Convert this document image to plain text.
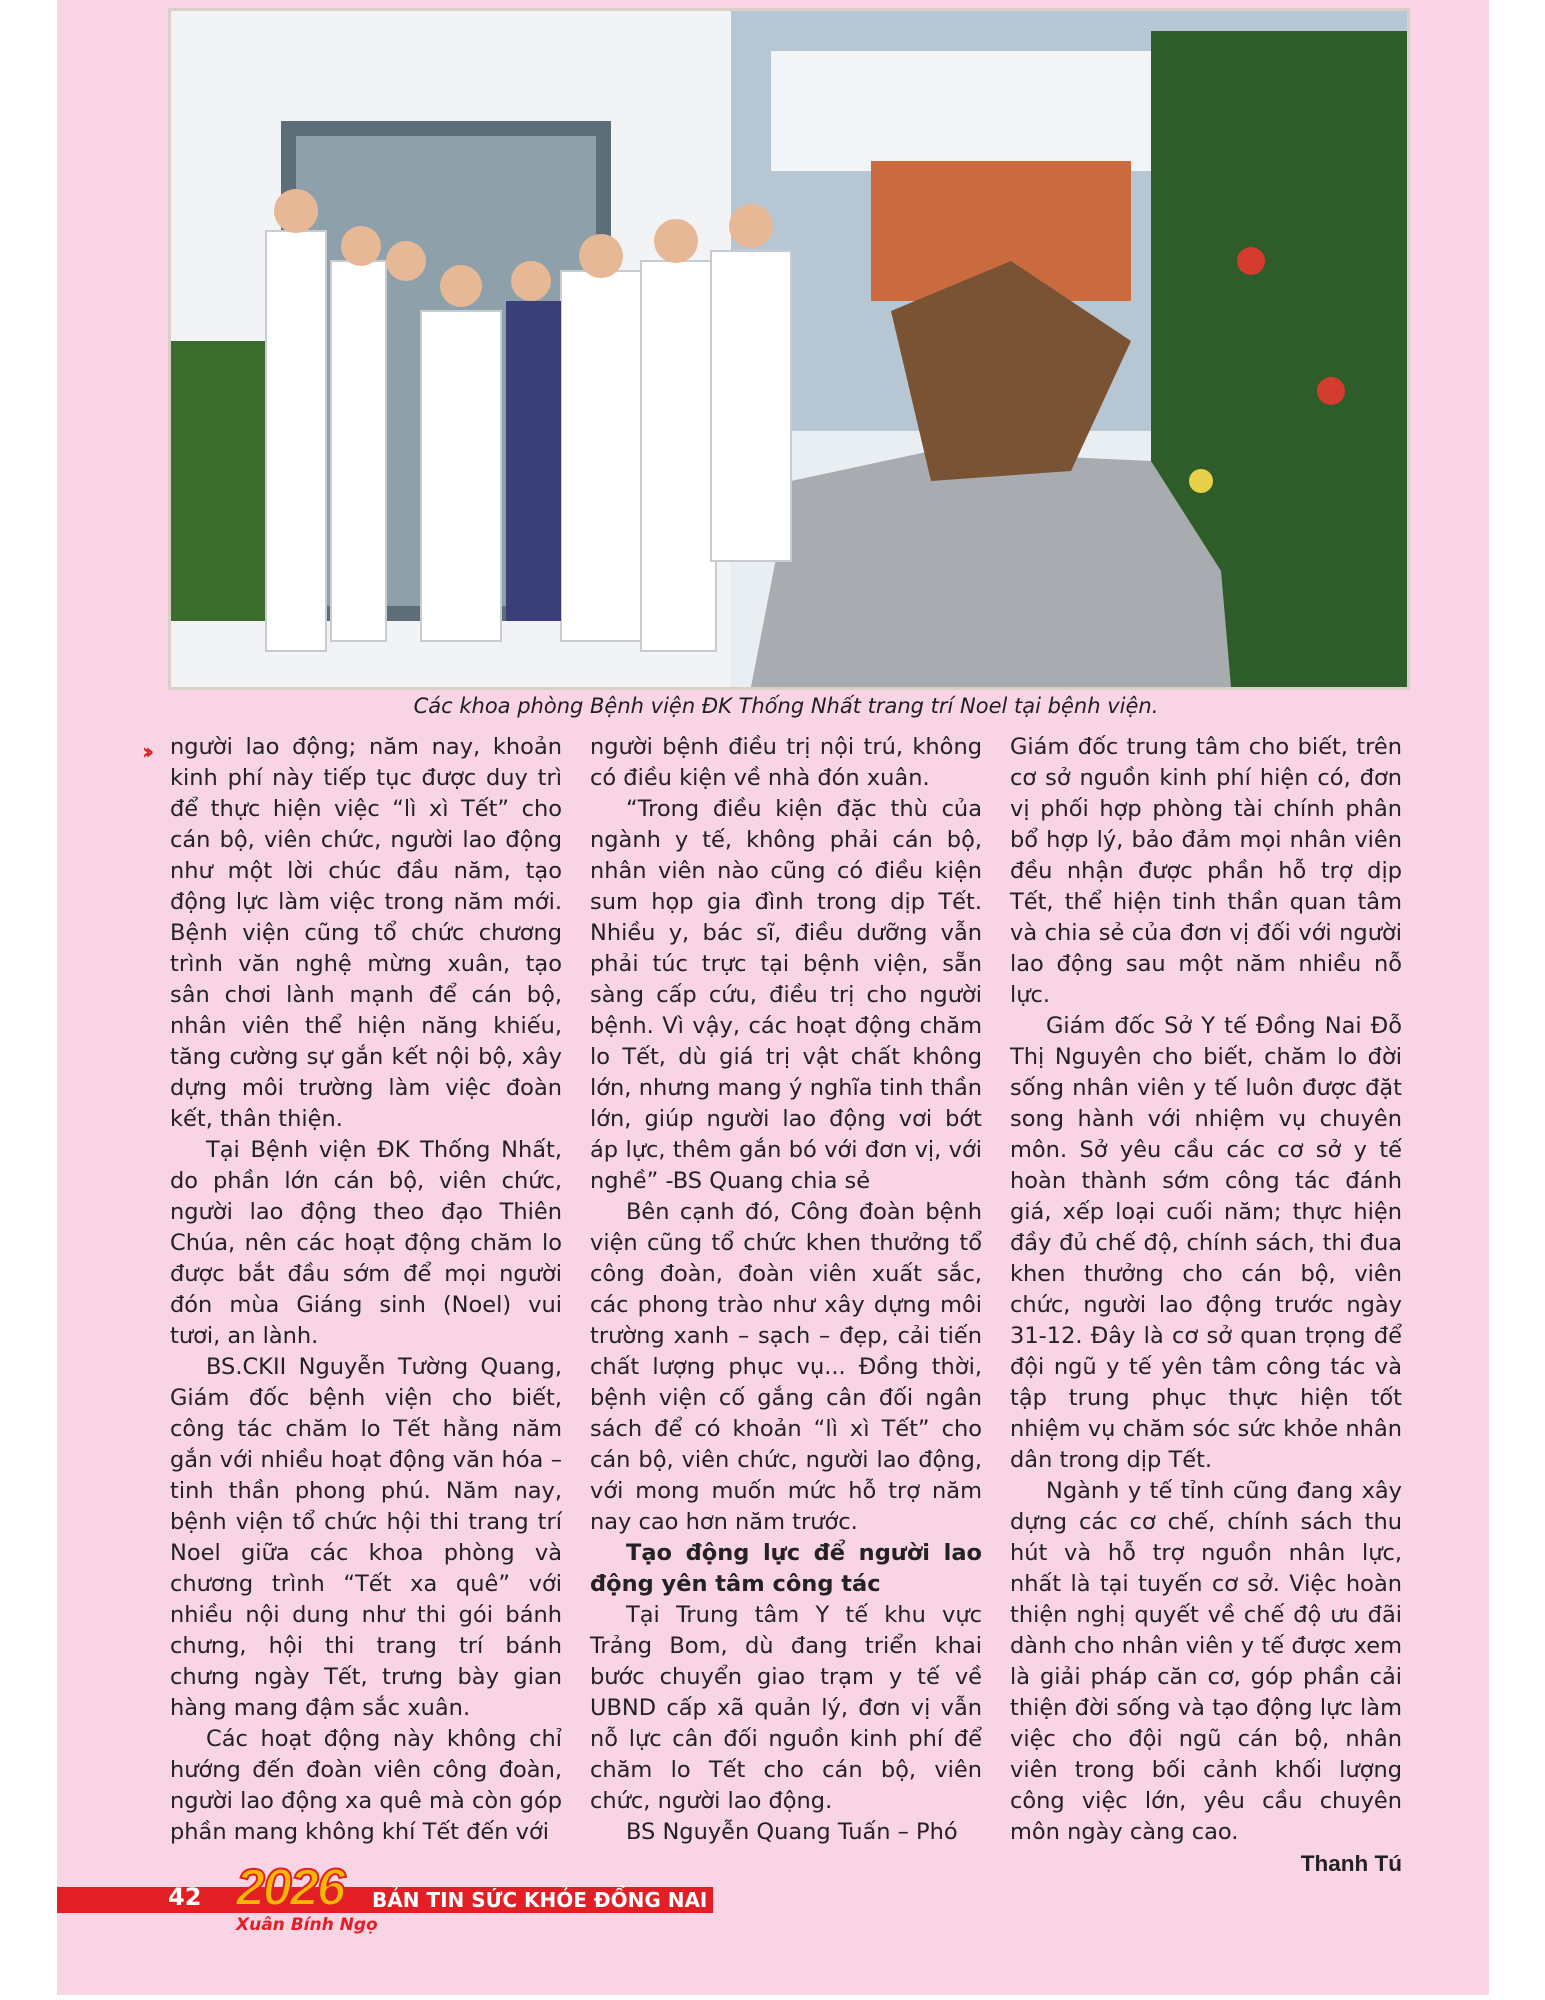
Các khoa phòng Bệnh viện ĐK Thống Nhất trang trí Noel tại bệnh viện.
›› người lao động; năm nay, khoản kinh phí này tiếp tục được duy trì để thực hiện việc “lì xì Tết” cho cán bộ, viên chức, người lao động như một lời chúc đầu năm, tạo động lực làm việc trong năm mới. Bệnh viện cũng tổ chức chương trình văn nghệ mừng xuân, tạo sân chơi lành mạnh để cán bộ, nhân viên thể hiện năng khiếu, tăng cường sự gắn kết nội bộ, xây dựng môi trường làm việc đoàn kết, thân thiện.

Tại Bệnh viện ĐK Thống Nhất, do phần lớn cán bộ, viên chức, người lao động theo đạo Thiên Chúa, nên các hoạt động chăm lo được bắt đầu sớm để mọi người đón mùa Giáng sinh (Noel) vui tươi, an lành.

BS.CKII Nguyễn Tường Quang, Giám đốc bệnh viện cho biết, công tác chăm lo Tết hằng năm gắn với nhiều hoạt động văn hóa – tinh thần phong phú. Năm nay, bệnh viện tổ chức hội thi trang trí Noel giữa các khoa phòng và chương trình “Tết xa quê” với nhiều nội dung như thi gói bánh chưng, hội thi trang trí bánh chưng ngày Tết, trưng bày gian hàng mang đậm sắc xuân.

Các hoạt động này không chỉ hướng đến đoàn viên công đoàn, người lao động xa quê mà còn góp phần mang không khí Tết đến với

người bệnh điều trị nội trú, không có điều kiện về nhà đón xuân.

“Trong điều kiện đặc thù của ngành y tế, không phải cán bộ, nhân viên nào cũng có điều kiện sum họp gia đình trong dịp Tết. Nhiều y, bác sĩ, điều dưỡng vẫn phải túc trực tại bệnh viện, sẵn sàng cấp cứu, điều trị cho người bệnh. Vì vậy, các hoạt động chăm lo Tết, dù giá trị vật chất không lớn, nhưng mang ý nghĩa tinh thần lớn, giúp người lao động vơi bớt áp lực, thêm gắn bó với đơn vị, với nghề” -BS Quang chia sẻ

Bên cạnh đó, Công đoàn bệnh viện cũng tổ chức khen thưởng tổ công đoàn, đoàn viên xuất sắc, các phong trào như xây dựng môi trường xanh – sạch – đẹp, cải tiến chất lượng phục vụ... Đồng thời, bệnh viện cố gắng cân đối ngân sách để có khoản “lì xì Tết” cho cán bộ, viên chức, người lao động, với mong muốn mức hỗ trợ năm nay cao hơn năm trước.

Tạo động lực để người lao động yên tâm công tác

Tại Trung tâm Y tế khu vực Trảng Bom, dù đang triển khai bước chuyển giao trạm y tế về UBND cấp xã quản lý, đơn vị vẫn nỗ lực cân đối nguồn kinh phí để chăm lo Tết cho cán bộ, viên chức, người lao động.

BS Nguyễn Quang Tuấn – Phó

Giám đốc trung tâm cho biết, trên cơ sở nguồn kinh phí hiện có, đơn vị phối hợp phòng tài chính phân bổ hợp lý, bảo đảm mọi nhân viên đều nhận được phần hỗ trợ dịp Tết, thể hiện tinh thần quan tâm và chia sẻ của đơn vị đối với người lao động sau một năm nhiều nỗ lực.

Giám đốc Sở Y tế Đồng Nai Đỗ Thị Nguyên cho biết, chăm lo đời sống nhân viên y tế luôn được đặt song hành với nhiệm vụ chuyên môn. Sở yêu cầu các cơ sở y tế hoàn thành sớm công tác đánh giá, xếp loại cuối năm; thực hiện đầy đủ chế độ, chính sách, thi đua khen thưởng cho cán bộ, viên chức, người lao động trước ngày 31-12. Đây là cơ sở quan trọng để đội ngũ y tế yên tâm công tác và tập trung phục thực hiện tốt nhiệm vụ chăm sóc sức khỏe nhân dân trong dịp Tết.

Ngành y tế tỉnh cũng đang xây dựng các cơ chế, chính sách thu hút và hỗ trợ nguồn nhân lực, nhất là tại tuyến cơ sở. Việc hoàn thiện nghị quyết về chế độ ưu đãi dành cho nhân viên y tế được xem là giải pháp căn cơ, góp phần cải thiện đời sống và tạo động lực làm việc cho đội ngũ cán bộ, nhân viên trong bối cảnh khối lượng công việc lớn, yêu cầu chuyên môn ngày càng cao.

Thanh Tú

42 2026
Xuân Bính Ngọ
BẢN TIN SỨC KHỎE ĐỒNG NAI
